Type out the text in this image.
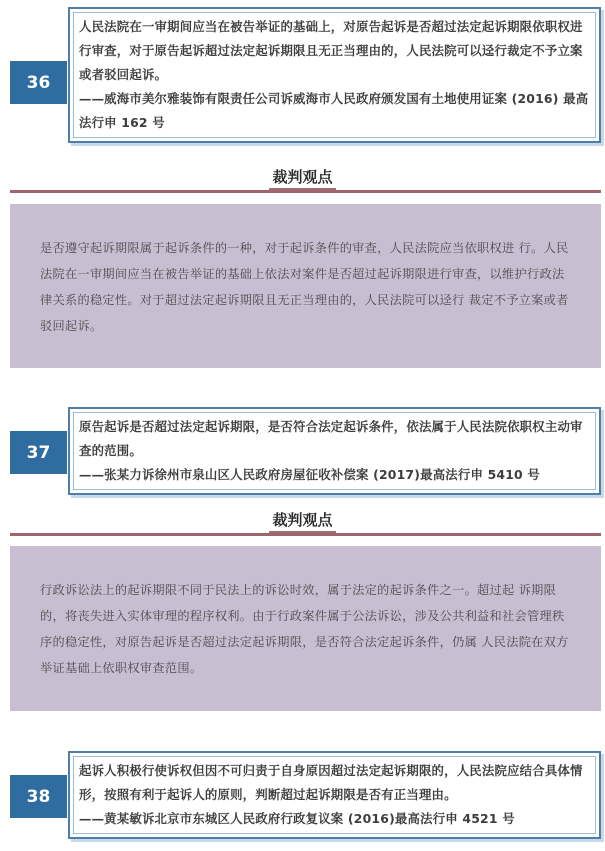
人民法院在一审期间应当在被告举证的基础上，对原告起诉是否超过法定起诉期限依职权进行审查，对于原告起诉超过法定起诉期限且无正当理由的，人民法院可以迳行裁定不予立案或者驳回起诉。
——威海市美尔雅装饰有限责任公司诉威海市人民政府颁发国有土地使用证案 (2016) 最高法行申 162 号
36
裁判观点
是否遵守起诉期限属于起诉条件的一种，对于起诉条件的审查，人民法院应当依职权进 行。人民法院在一审期间应当在被告举证的基础上依法对案件是否超过起诉期限进行审查，以维护行政法律关系的稳定性。对于超过法定起诉期限且无正当理由的，人民法院可以迳行 裁定不予立案或者驳回起诉。
原告起诉是否超过法定起诉期限，是否符合法定起诉条件，依法属于人民法院依职权主动审查的范围。
——张某力诉徐州市泉山区人民政府房屋征收补偿案 (2017)最高法行申 5410 号
37
裁判观点
行政诉讼法上的起诉期限不同于民法上的诉讼时效，属于法定的起诉条件之一。超过起 诉期限的，将丧失进入实体审理的程序权利。由于行政案件属于公法诉讼，涉及公共利益和社会管理秩序的稳定性，对原告起诉是否超过法定起诉期限，是否符合法定起诉条件，仍属 人民法院在双方举证基础上依职权审查范围。
起诉人积极行使诉权但因不可归责于自身原因超过法定起诉期限的，人民法院应结合具体情形，按照有利于起诉人的原则，判断超过起诉期限是否有正当理由。
——黄某敏诉北京市东城区人民政府行政复议案 (2016)最高法行申 4521 号
38
